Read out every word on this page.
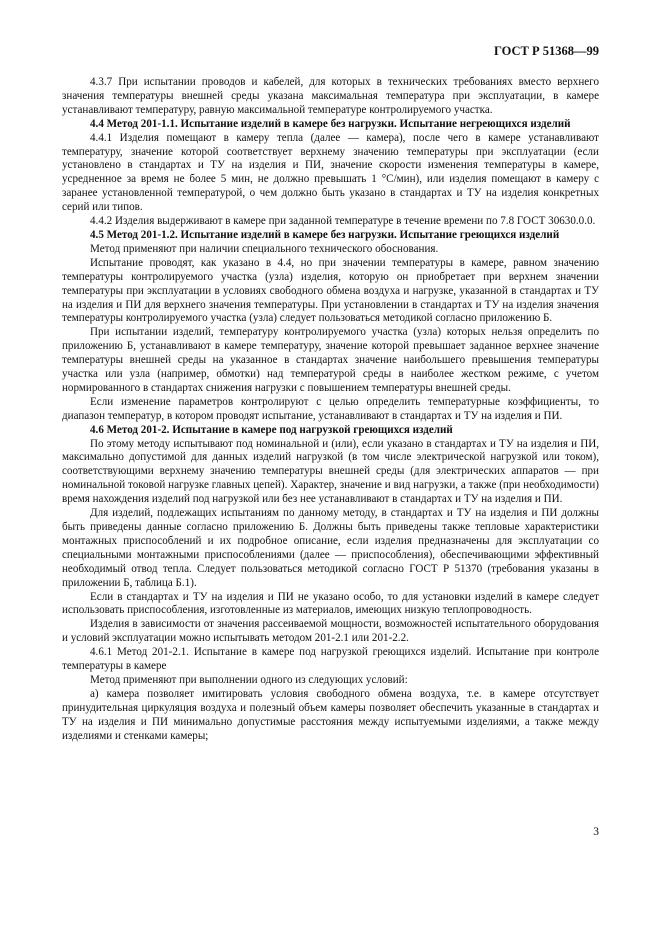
ГОСТ Р 51368—99

4.3.7 При испытании проводов и кабелей, для которых в технических требованиях вместо верхнего значения температуры внешней среды указана максимальная температура при эксплуатации, в камере устанавливают температуру, равную максимальной температуре контролируемого участка.

4.4 Метод 201-1.1. Испытание изделий в камере без нагрузки. Испытание негреющихся изделий

4.4.1 Изделия помещают в камеру тепла (далее — камера), после чего в камере устанавливают температуру, значение которой соответствует верхнему значению температуры при эксплуатации (если установлено в стандартах и ТУ на изделия и ПИ, значение скорости изменения температуры в камере, усредненное за время не более 5 мин, не должно превышать 1 °С/мин), или изделия помещают в камеру с заранее установленной температурой, о чем должно быть указано в стандартах и ТУ на изделия конкретных серий или типов.

4.4.2 Изделия выдерживают в камере при заданной температуре в течение времени по 7.8 ГОСТ 30630.0.0.

4.5 Метод 201-1.2. Испытание изделий в камере без нагрузки. Испытание греющихся изделий

Метод применяют при наличии специального технического обоснования.

Испытание проводят, как указано в 4.4, но при значении температуры в камере, равном значению температуры контролируемого участка (узла) изделия, которую он приобретает при верхнем значении температуры при эксплуатации в условиях свободного обмена воздуха и нагрузке, указанной в стандартах и ТУ на изделия и ПИ для верхнего значения температуры. При установлении в стандартах и ТУ на изделия значения температуры контролируемого участка (узла) следует пользоваться методикой согласно приложению Б.

При испытании изделий, температуру контролируемого участка (узла) которых нельзя определить по приложению Б, устанавливают в камере температуру, значение которой превышает заданное верхнее значение температуры внешней среды на указанное в стандартах значение наибольшего превышения температуры участка или узла (например, обмотки) над температурой среды в наиболее жестком режиме, с учетом нормированного в стандартах снижения нагрузки с повышением температуры внешней среды.

Если изменение параметров контролируют с целью определить температурные коэффициенты, то диапазон температур, в котором проводят испытание, устанавливают в стандартах и ТУ на изделия и ПИ.

4.6 Метод 201-2. Испытание в камере под нагрузкой греющихся изделий

По этому методу испытывают под номинальной и (или), если указано в стандартах и ТУ на изделия и ПИ, максимально допустимой для данных изделий нагрузкой (в том числе электрической нагрузкой или током), соответствующими верхнему значению температуры внешней среды (для электрических аппаратов — при номинальной токовой нагрузке главных цепей). Характер, значение и вид нагрузки, а также (при необходимости) время нахождения изделий под нагрузкой или без нее устанавливают в стандартах и ТУ на изделия и ПИ.

Для изделий, подлежащих испытаниям по данному методу, в стандартах и ТУ на изделия и ПИ должны быть приведены данные согласно приложению Б. Должны быть приведены также тепловые характеристики монтажных приспособлений и их подробное описание, если изделия предназначены для эксплуатации со специальными монтажными приспособлениями (далее — приспособления), обеспечивающими эффективный необходимый отвод тепла. Следует пользоваться методикой согласно ГОСТ Р 51370 (требования указаны в приложении Б, таблица Б.1).

Если в стандартах и ТУ на изделия и ПИ не указано особо, то для установки изделий в камере следует использовать приспособления, изготовленные из материалов, имеющих низкую теплопроводность.

Изделия в зависимости от значения рассеиваемой мощности, возможностей испытательного оборудования и условий эксплуатации можно испытывать методом 201-2.1 или 201-2.2.

4.6.1 Метод 201-2.1. Испытание в камере под нагрузкой греющихся изделий. Испытание при контроле температуры в камере

Метод применяют при выполнении одного из следующих условий:

а) камера позволяет имитировать условия свободного обмена воздуха, т.е. в камере отсутствует принудительная циркуляция воздуха и полезный объем камеры позволяет обеспечить указанные в стандартах и ТУ на изделия и ПИ минимально допустимые расстояния между испытуемыми изделиями, а также между изделиями и стенками камеры;

3
